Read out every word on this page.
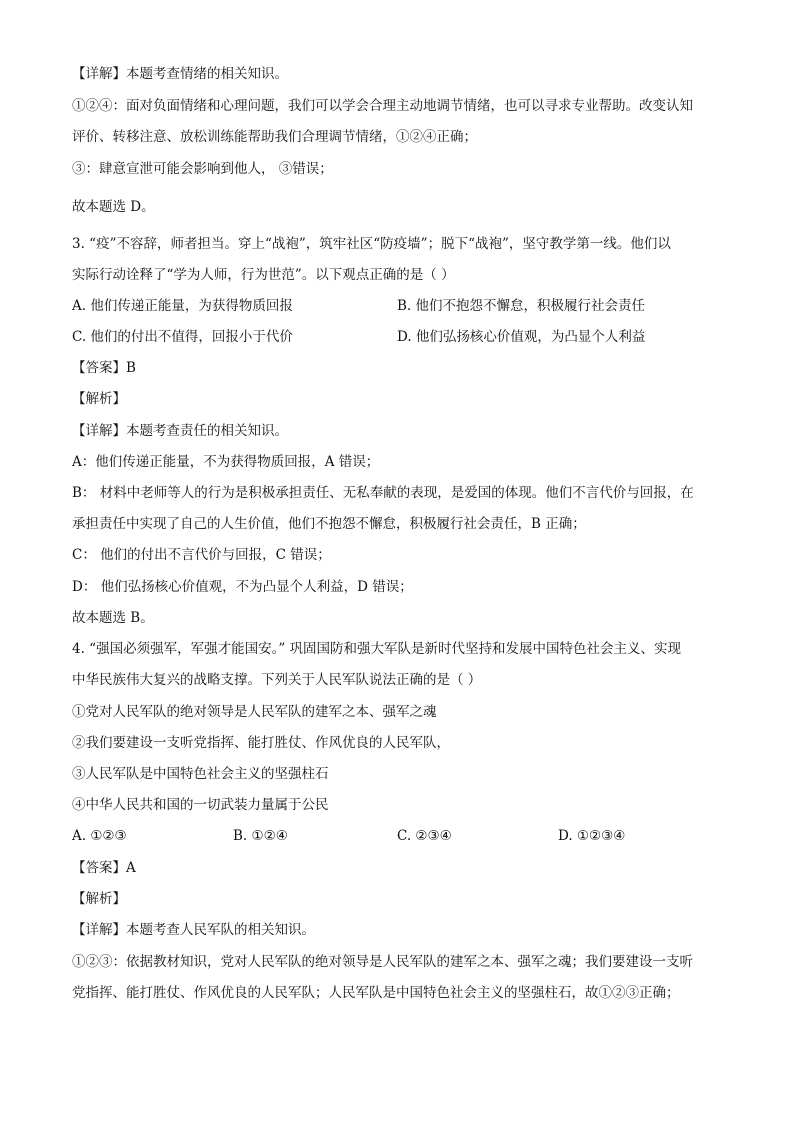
【详解】本题考查情绪的相关知识。
①②④：面对负面情绪和心理问题，我们可以学会合理主动地调节情绪，也可以寻求专业帮助。改变认知
评价、转移注意、放松训练能帮助我们合理调节情绪，①②④正确；
③：肆意宣泄可能会影响到他人， ③错误；
故本题选 D。
3. “疫”不容辞，师者担当。穿上“战袍”，筑牢社区“防疫墙”；脱下“战袍”，坚守教学第一线。他们以
实际行动诠释了“学为人师，行为世范”。以下观点正确的是（ ）
A. 他们传递正能量，为获得物质回报	B. 他们不抱怨不懈怠，积极履行社会责任
C. 他们的付出不值得，回报小于代价	D. 他们弘扬核心价值观，为凸显个人利益
【答案】B
【解析】
【详解】本题考查责任的相关知识。
A：他们传递正能量，不为获得物质回报，A 错误；
B： 材料中老师等人的行为是积极承担责任、无私奉献的表现，是爱国的体现。他们不言代价与回报，在
承担责任中实现了自己的人生价值，他们不抱怨不懈怠，积极履行社会责任，B 正确；
C： 他们的付出不言代价与回报，C 错误；
D： 他们弘扬核心价值观，不为凸显个人利益，D 错误；
故本题选 B。
4. “强国必须强军，军强才能国安。” 巩固国防和强大军队是新时代坚持和发展中国特色社会主义、实现
中华民族伟大复兴的战略支撑。下列关于人民军队说法正确的是（ ）
①党对人民军队的绝对领导是人民军队的建军之本、强军之魂
②我们要建设一支听党指挥、能打胜仗、作风优良的人民军队，
③人民军队是中国特色社会主义的坚强柱石
④中华人民共和国的一切武装力量属于公民
A. ①②③	B. ①②④	C. ②③④	D. ①②③④
【答案】A
【解析】
【详解】本题考查人民军队的相关知识。
①②③：依据教材知识，党对人民军队的绝对领导是人民军队的建军之本、强军之魂；我们要建设一支听
党指挥、能打胜仗、作风优良的人民军队；人民军队是中国特色社会主义的坚强柱石，故①②③正确；
